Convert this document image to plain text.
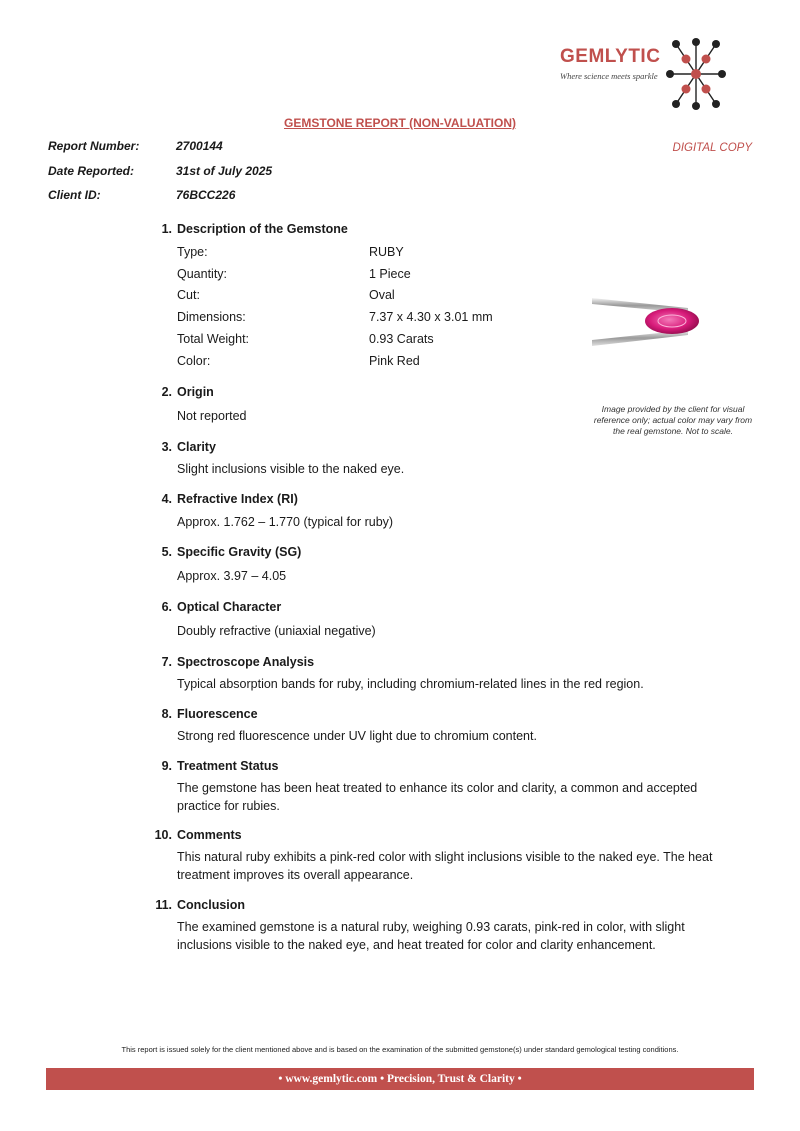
GEMLYTIC
Where science meets sparkle
GEMSTONE REPORT (NON-VALUATION)
DIGITAL COPY
Report Number:	2700144
Date Reported:	31st of July 2025
Client ID:	76BCC226
1. Description of the Gemstone
Type:	RUBY
Quantity:	1 Piece
Cut:	Oval
Dimensions:	7.37 x 4.30 x 3.01 mm
Total Weight:	0.93 Carats
Color:	Pink Red
Image provided by the client for visual reference only; actual color may vary from the real gemstone. Not to scale.
2. Origin
Not reported
3. Clarity
Slight inclusions visible to the naked eye.
4. Refractive Index (RI)
Approx. 1.762 – 1.770 (typical for ruby)
5. Specific Gravity (SG)
Approx. 3.97 – 4.05
6. Optical Character
Doubly refractive (uniaxial negative)
7. Spectroscope Analysis
Typical absorption bands for ruby, including chromium-related lines in the red region.
8. Fluorescence
Strong red fluorescence under UV light due to chromium content.
9. Treatment Status
The gemstone has been heat treated to enhance its color and clarity, a common and accepted practice for rubies.
10. Comments
This natural ruby exhibits a pink-red color with slight inclusions visible to the naked eye. The heat treatment improves its overall appearance.
11. Conclusion
The examined gemstone is a natural ruby, weighing 0.93 carats, pink-red in color, with slight inclusions visible to the naked eye, and heat treated for color and clarity enhancement.
This report is issued solely for the client mentioned above and is based on the examination of the submitted gemstone(s) under standard gemological testing conditions.
• www.gemlytic.com • Precision, Trust & Clarity •
